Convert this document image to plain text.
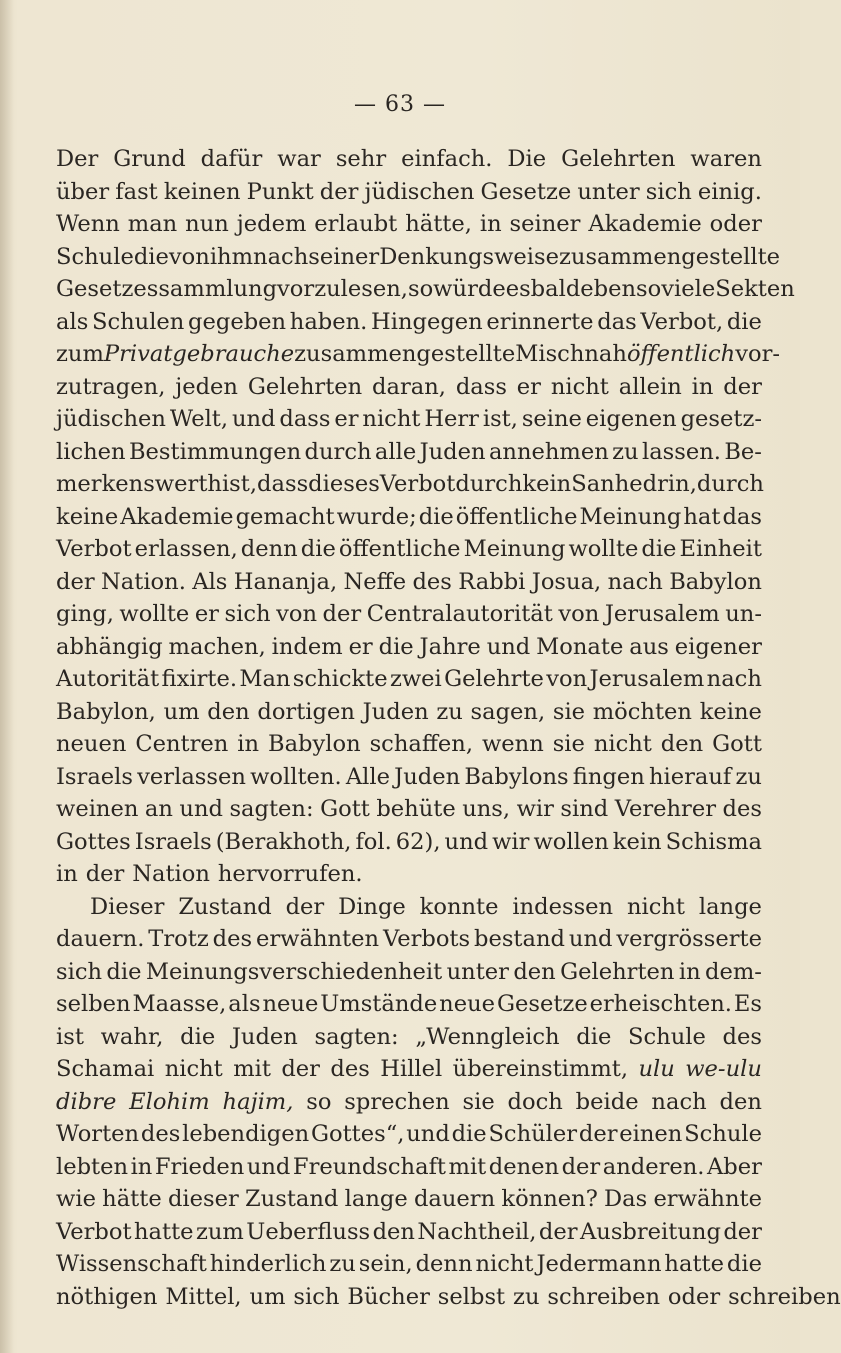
— 63 —

Der Grund dafür war sehr einfach. Die Gelehrten waren
über fast keinen Punkt der jüdischen Gesetze unter sich einig.
Wenn man nun jedem erlaubt hätte, in seiner Akademie oder
Schule die von ihm nach seiner Denkungsweise zusammengestellte
Gesetzessammlung vorzulesen, so würde es bald ebenso viele Sekten
als Schulen gegeben haben. Hingegen erinnerte das Verbot, die
zum Privatgebrauche zusammengestellte Mischnah öffentlich vor-
zutragen, jeden Gelehrten daran, dass er nicht allein in der
jüdischen Welt, und dass er nicht Herr ist, seine eigenen gesetz-
lichen Bestimmungen durch alle Juden annehmen zu lassen. Be-
merkenswerth ist, dass dieses Verbot durch kein Sanhedrin, durch
keine Akademie gemacht wurde; die öffentliche Meinung hat das
Verbot erlassen, denn die öffentliche Meinung wollte die Einheit
der Nation. Als Hananja, Neffe des Rabbi Josua, nach Babylon
ging, wollte er sich von der Centralautorität von Jerusalem un-
abhängig machen, indem er die Jahre und Monate aus eigener
Autorität fixirte. Man schickte zwei Gelehrte von Jerusalem nach
Babylon, um den dortigen Juden zu sagen, sie möchten keine
neuen Centren in Babylon schaffen, wenn sie nicht den Gott
Israels verlassen wollten. Alle Juden Babylons fingen hierauf zu
weinen an und sagten: Gott behüte uns, wir sind Verehrer des
Gottes Israels (Berakhoth, fol. 62), und wir wollen kein Schisma
in der Nation hervorrufen.
Dieser Zustand der Dinge konnte indessen nicht lange
dauern. Trotz des erwähnten Verbots bestand und vergrösserte
sich die Meinungsverschiedenheit unter den Gelehrten in dem-
selben Maasse, als neue Umstände neue Gesetze erheischten. Es
ist wahr, die Juden sagten: „Wenngleich die Schule des
Schamai nicht mit der des Hillel übereinstimmt, ulu we-ulu
dibre Elohim hajim, so sprechen sie doch beide nach den
Worten des lebendigen Gottes“, und die Schüler der einen Schule
lebten in Frieden und Freundschaft mit denen der anderen. Aber
wie hätte dieser Zustand lange dauern können? Das erwähnte
Verbot hatte zum Ueberfluss den Nachtheil, der Ausbreitung der
Wissenschaft hinderlich zu sein, denn nicht Jedermann hatte die
nöthigen Mittel, um sich Bücher selbst zu schreiben oder schreiben
